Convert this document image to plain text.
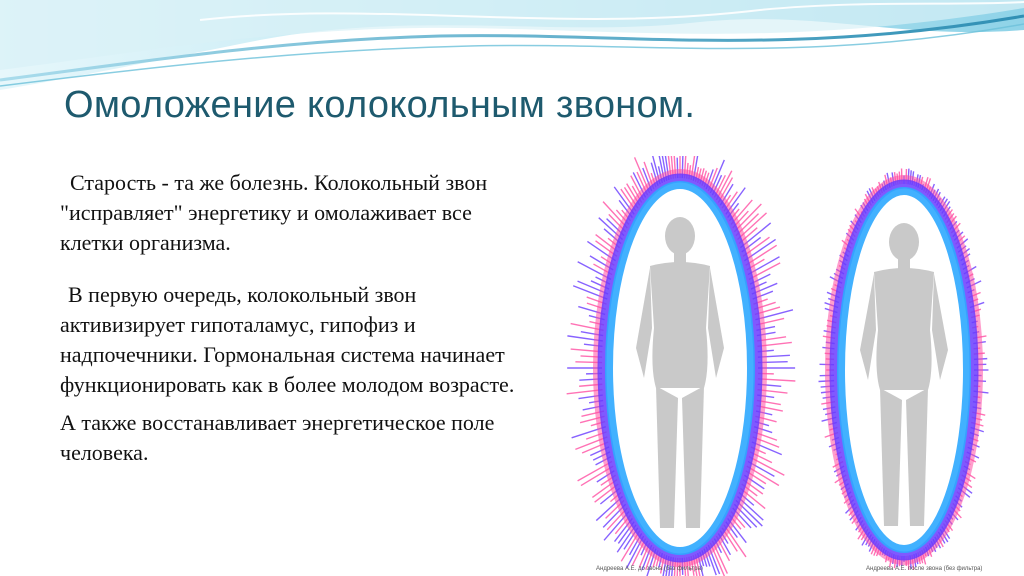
Омоложение колокольным звоном.

Старость - та же болезнь. Колокольный звон "исправляет" энергетику и омолаживает все клетки организма.

В первую очередь, колокольный звон активизирует гипоталамус, гипофиз и надпочечники. Гормональная система начинает функционировать как в более молодом возрасте.

А также восстанавливает энергетическое поле человека.

Андреева А.Е. до звона (без фильтра)	Андреева А.Е. после звона (без фильтра)
